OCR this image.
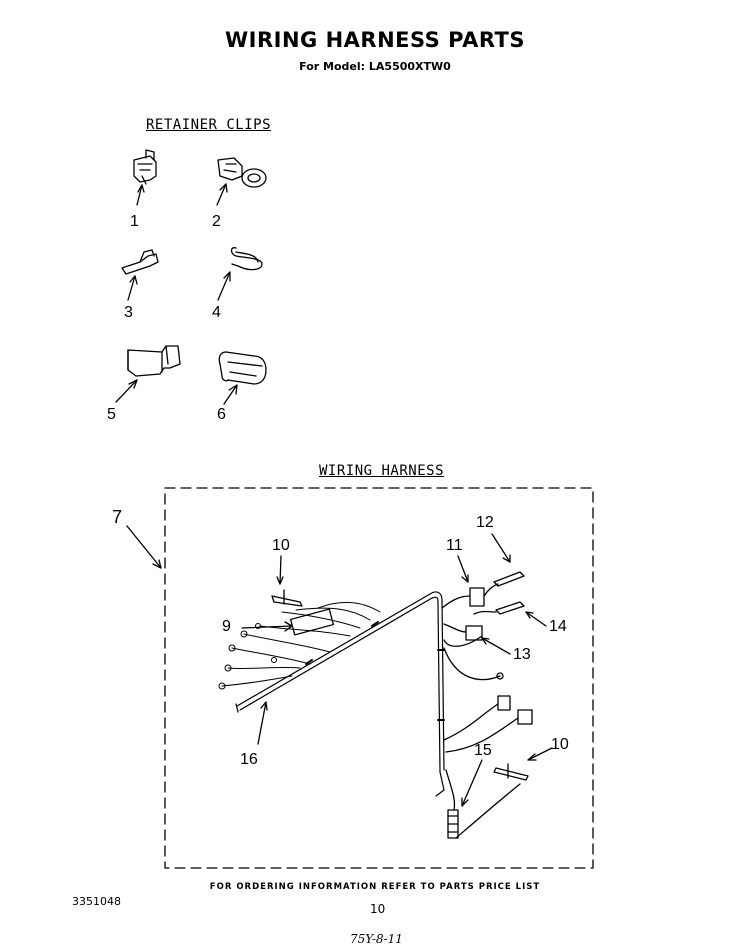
WIRING HARNESS PARTS
For Model: LA5500XTW0
RETAINER CLIPS
WIRING HARNESS
1	2
3	4
5	6
7
9
10
10
11
12
13
14
15
16
FOR ORDERING INFORMATION REFER TO PARTS PRICE LIST
3351048
10
75Y-8-11
